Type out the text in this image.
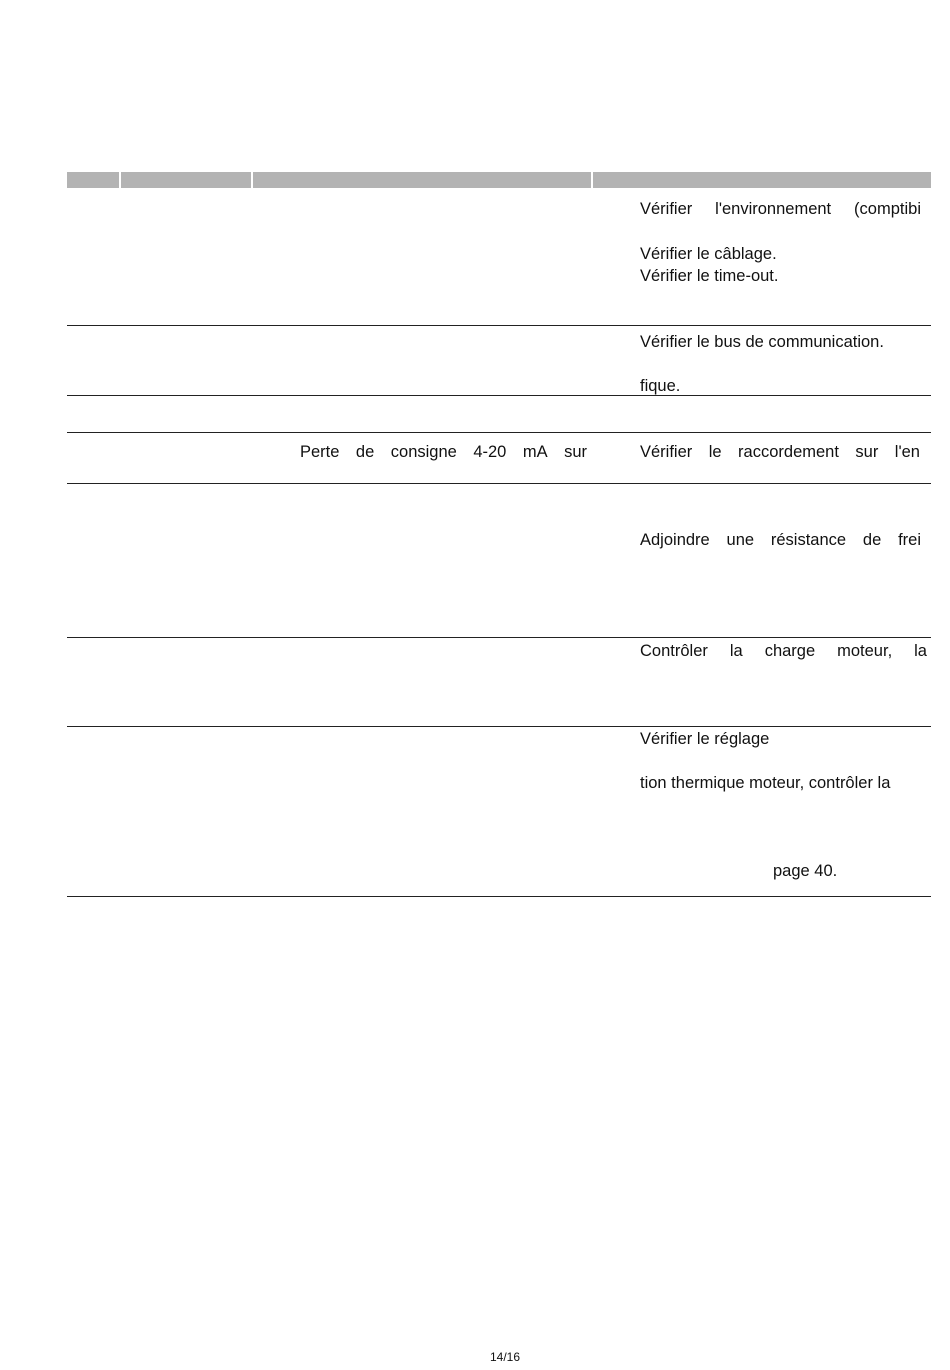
Vérifier l'environnement (comptibi

Vérifier le câblage.

Vérifier le time-out.

Vérifier le bus de communication.

fique.

Perte de consigne 4-20 mA sur	Vérifier le raccordement sur l'en
Adjoindre une résistance de frei
Contrôler la charge moteur, la

Vérifier le réglage

tion thermique moteur, contrôler la

page 40.

14/16
